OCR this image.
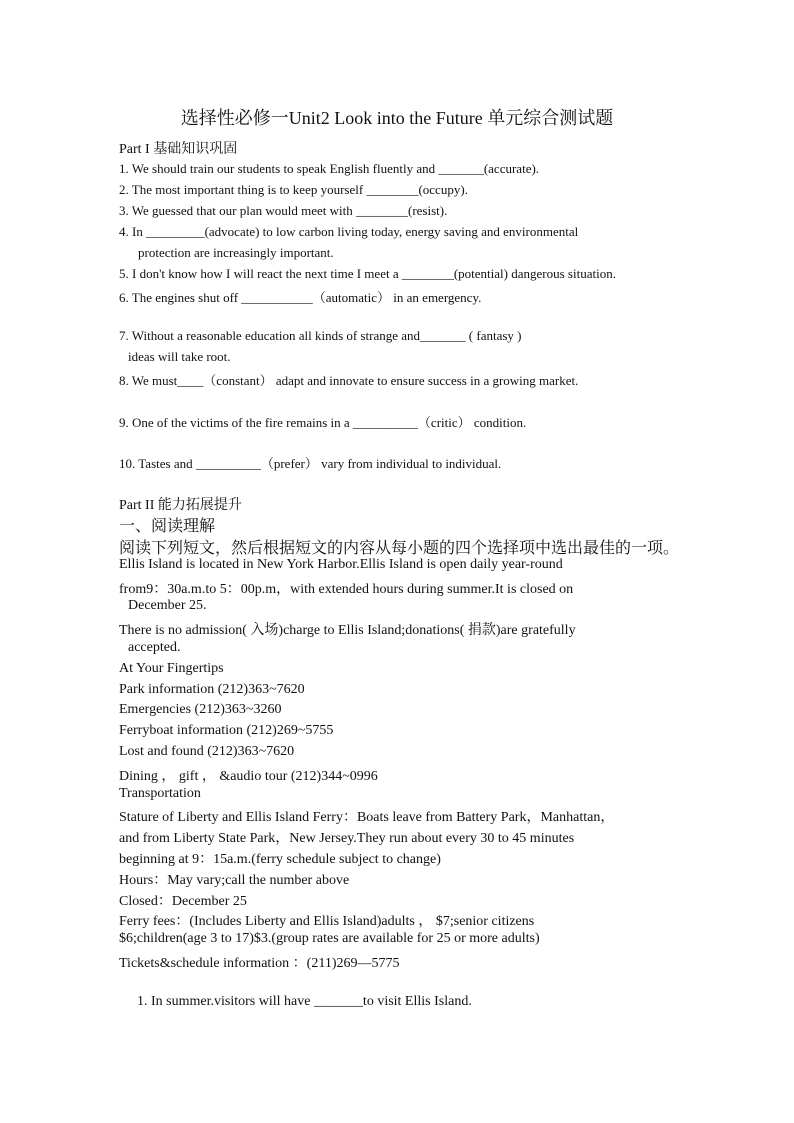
选择性必修一Unit2 Look into the Future 单元综合测试题
Part I 基础知识巩固
1. We should train our students to speak English fluently and _______(accurate).
2. The most important thing is to keep yourself ________(occupy).
3. We guessed that our plan would meet with ________(resist).
4. In _________(advocate) to low carbon living today, energy saving and environmental
protection are increasingly important.
5. I don't know how I will react the next time I meet a ________(potential) dangerous situation.
6. The engines shut off ___________（automatic） in an emergency.
7. Without a reasonable education all kinds of strange and_______ ( fantasy )
ideas will take root.
8. We must____（constant） adapt and innovate to ensure success in a growing market.
9. One of the victims of the fire remains in a __________（critic） condition.
10. Tastes and __________（prefer） vary from individual to individual.
Part II 能力拓展提升
一、阅读理解
阅读下列短文，然后根据短文的内容从每小题的四个选择项中选出最佳的一项。
Ellis Island is located in New York Harbor.Ellis Island is open daily year-round
from9：30a.m.to 5：00p.m，with extended hours during summer.It is closed on
December 25.
There is no admission( 入场)charge to Ellis Island;donations( 捐款)are gratefully
accepted.
At Your Fingertips
Park information (212)363~7620
Emergencies (212)363~3260
Ferryboat information (212)269~5755
Lost and found (212)363~7620
Dining ， gift ， &audio tour (212)344~0996
Transportation
Stature of Liberty and Ellis Island Ferry：Boats leave from Battery Park，Manhattan，
and from Liberty State Park，New Jersey.They run about every 30 to 45 minutes
beginning at 9：15a.m.(ferry schedule subject to change)
Hours：May vary;call the number above
Closed：December 25
Ferry fees：(Includes Liberty and Ellis Island)adults ， $7;senior citizens
$6;children(age 3 to 17)$3.(group rates are available for 25 or more adults)
Tickets&schedule information ：(211)269—5775
1. In summer.visitors will have _______to visit Ellis Island.
